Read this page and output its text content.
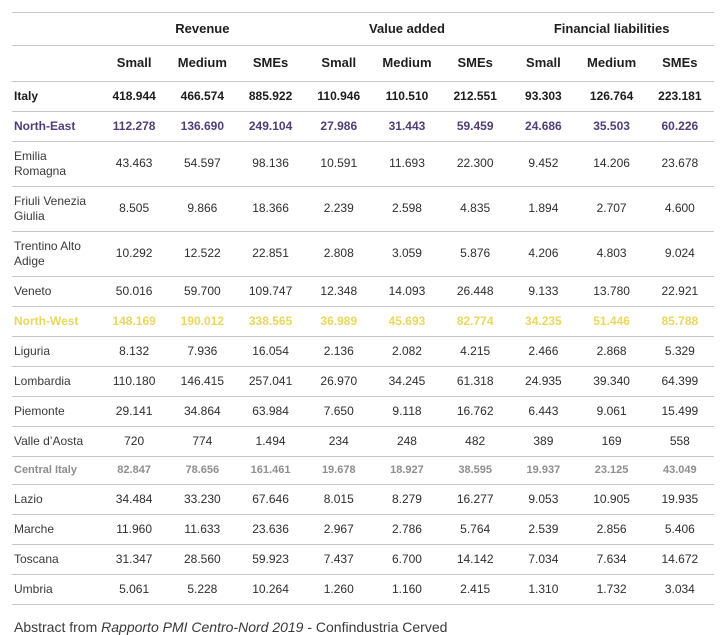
	Revenue			Value added			Financial liabilities		
	Small	Medium	SMEs	Small	Medium	SMEs	Small	Medium	SMEs
Italy	418.944	466.574	885.922	110.946	110.510	212.551	93.303	126.764	223.181
North-East	112.278	136.690	249.104	27.986	31.443	59.459	24.686	35.503	60.226
Emilia Romagna	43.463	54.597	98.136	10.591	11.693	22.300	9.452	14.206	23.678
Friuli Venezia Giulia	8.505	9.866	18.366	2.239	2.598	4.835	1.894	2.707	4.600
Trentino Alto Adige	10.292	12.522	22.851	2.808	3.059	5.876	4.206	4.803	9.024
Veneto	50.016	59.700	109.747	12.348	14.093	26.448	9.133	13.780	22.921
North-West	148.169	190.012	338.565	36.989	45.693	82.774	34.235	51.446	85.788
Liguria	8.132	7.936	16.054	2.136	2.082	4.215	2.466	2.868	5.329
Lombardia	110.180	146.415	257.041	26.970	34.245	61.318	24.935	39.340	64.399
Piemonte	29.141	34.864	63.984	7.650	9.118	16.762	6.443	9.061	15.499
Valle d’Aosta	720	774	1.494	234	248	482	389	169	558
Central Italy	82.847	78.656	161.461	19.678	18.927	38.595	19.937	23.125	43.049
Lazio	34.484	33.230	67.646	8.015	8.279	16.277	9.053	10.905	19.935
Marche	11.960	11.633	23.636	2.967	2.786	5.764	2.539	2.856	5.406
Toscana	31.347	28.560	59.923	7.437	6.700	14.142	7.034	7.634	14.672
Umbria	5.061	5.228	10.264	1.260	1.160	2.415	1.310	1.732	3.034
Abstract from Rapporto PMI Centro-Nord 2019 - Confindustria Cerved
